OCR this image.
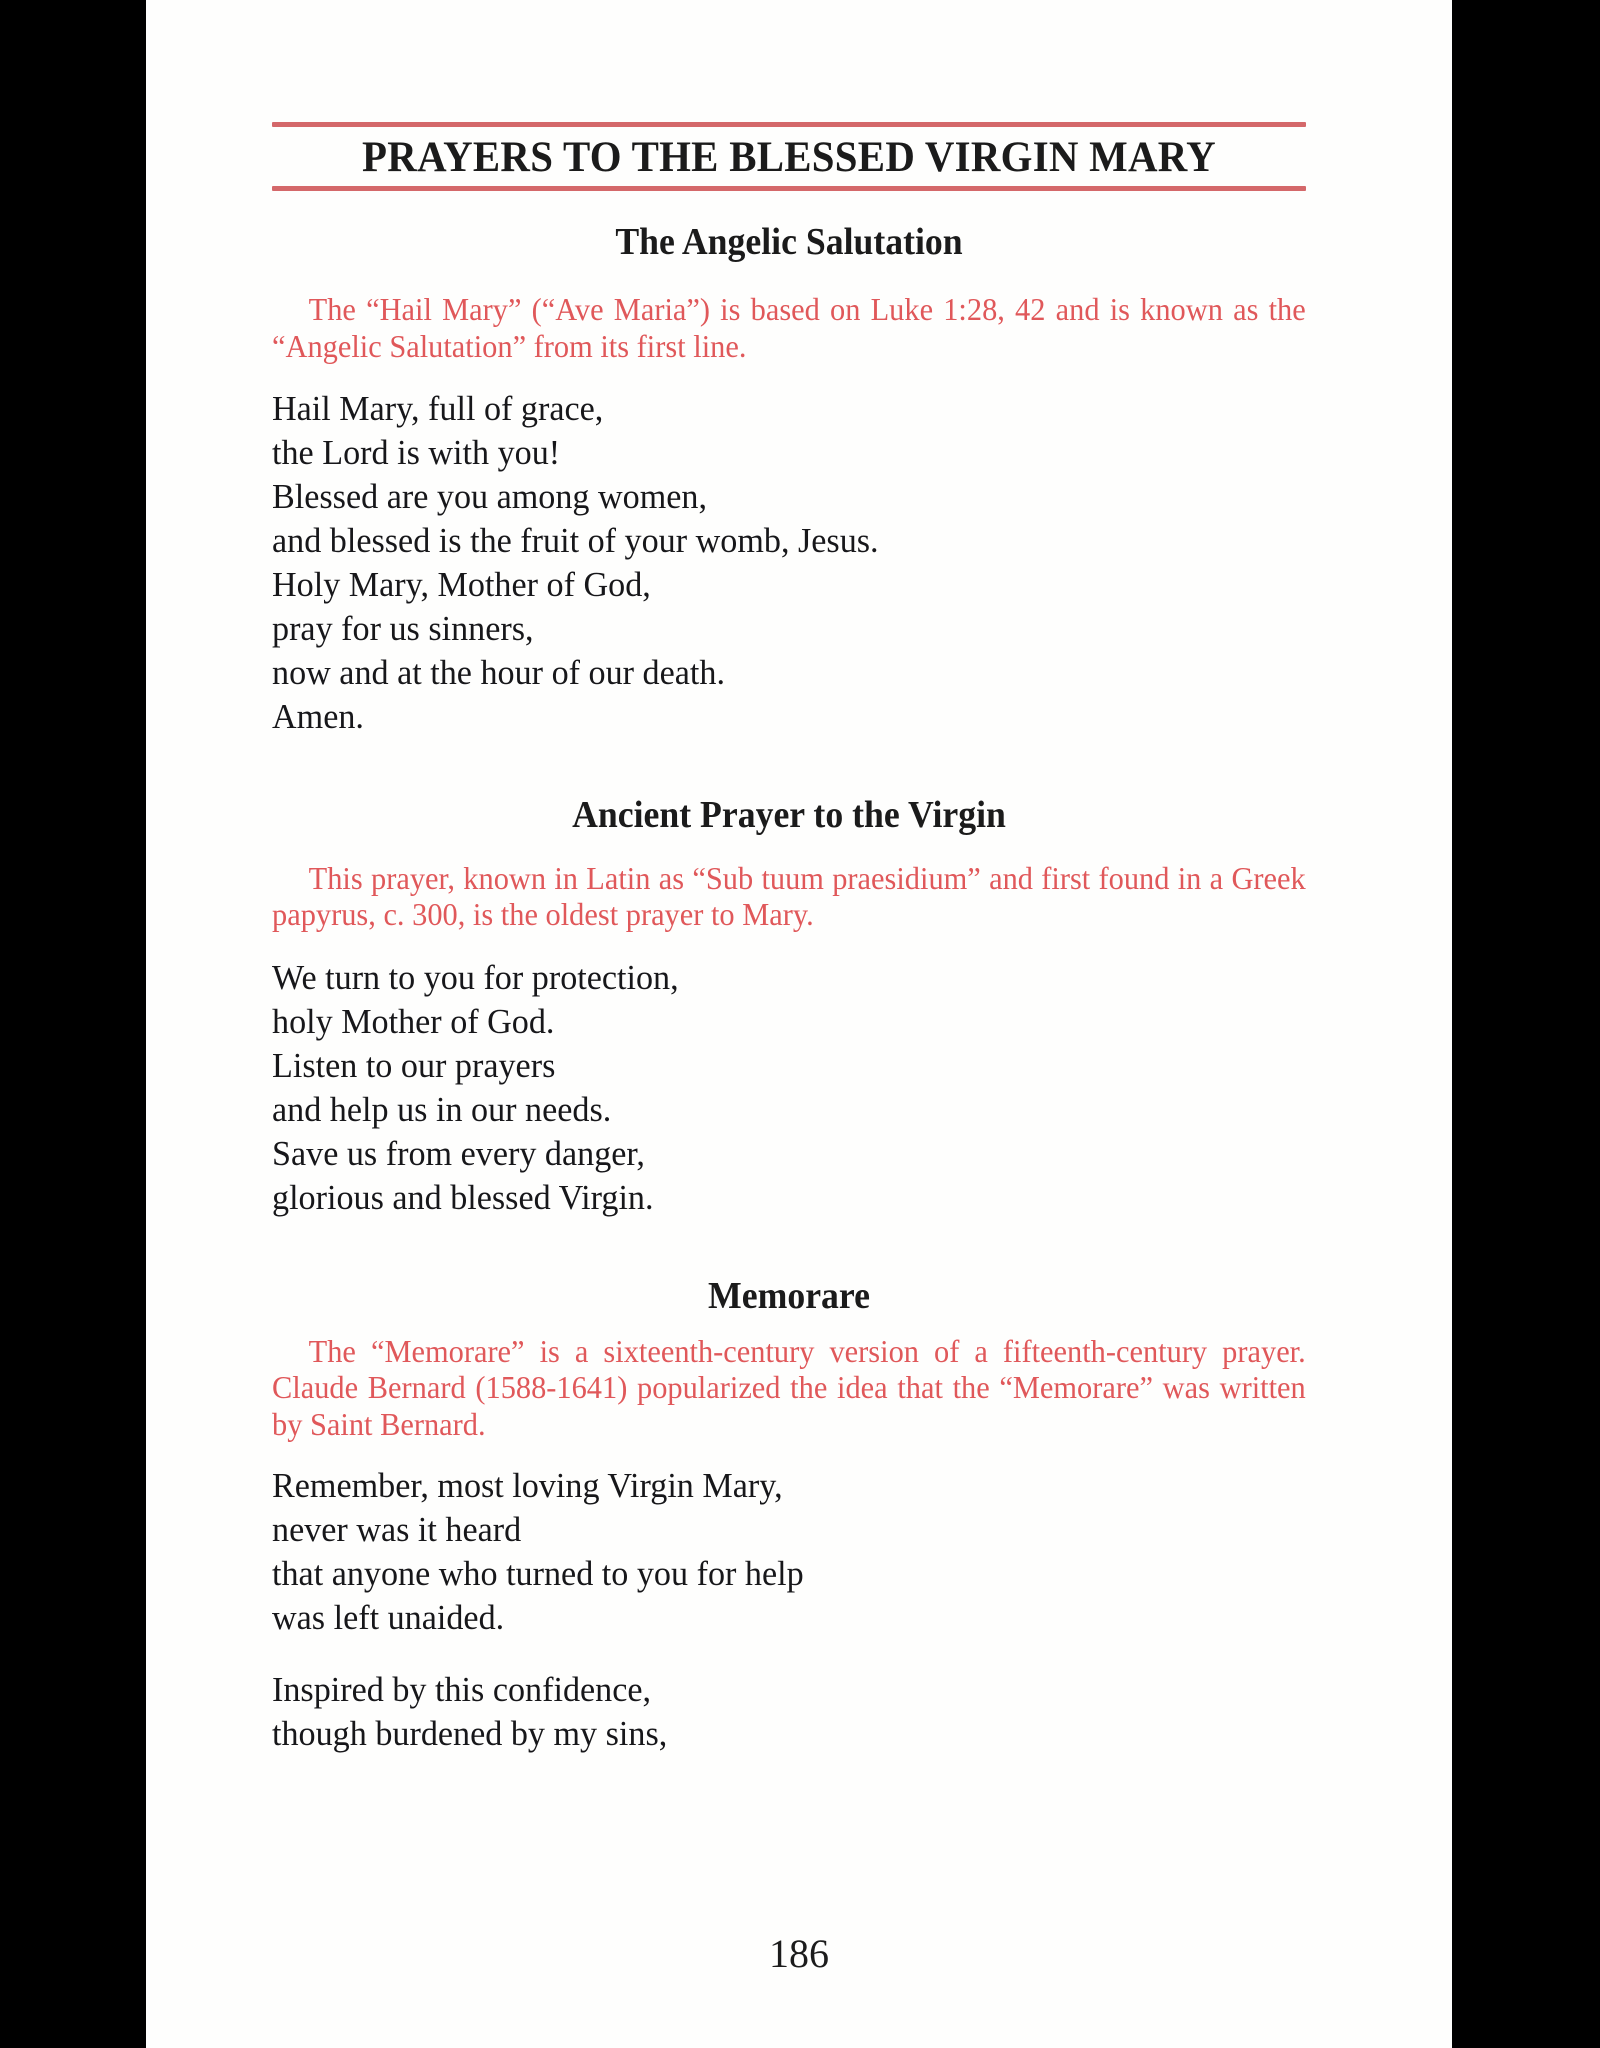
PRAYERS TO THE BLESSED VIRGIN MARY
The Angelic Salutation
The “Hail Mary” (“Ave Maria”) is based on Luke 1:28, 42 and is known as the “Angelic Salutation” from its first line.
Hail Mary, full of grace,
the Lord is with you!
Blessed are you among women,
and blessed is the fruit of your womb, Jesus.
Holy Mary, Mother of God,
pray for us sinners,
now and at the hour of our death.
Amen.
Ancient Prayer to the Virgin
This prayer, known in Latin as “Sub tuum praesidium” and first found in a Greek papyrus, c. 300, is the oldest prayer to Mary.
We turn to you for protection,
holy Mother of God.
Listen to our prayers
and help us in our needs.
Save us from every danger,
glorious and blessed Virgin.
Memorare
The “Memorare” is a sixteenth-century version of a fifteenth-century prayer. Claude Bernard (1588-1641) popularized the idea that the “Memorare” was written by Saint Bernard.
Remember, most loving Virgin Mary,
never was it heard
that anyone who turned to you for help
was left unaided.
Inspired by this confidence,
though burdened by my sins,
186
